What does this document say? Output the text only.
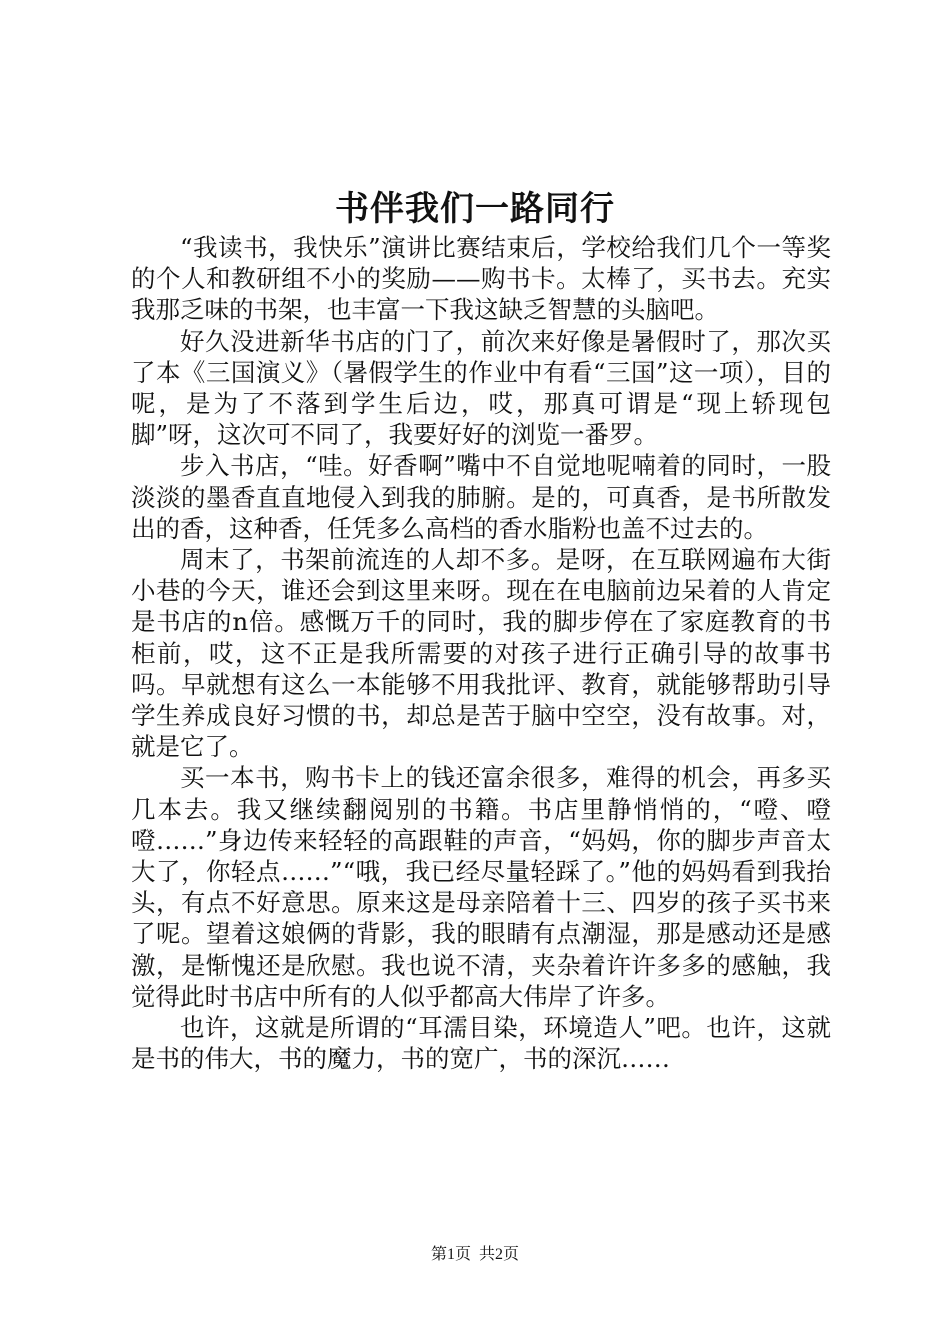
书伴我们一路同行

“我读书，我快乐”演讲比赛结束后，学校给我们几个一等奖的个人和教研组不小的奖励——购书卡。太棒了，买书去。充实我那乏味的书架，也丰富一下我这缺乏智慧的头脑吧。

好久没进新华书店的门了，前次来好像是暑假时了，那次买了本《三国演义》（暑假学生的作业中有看“三国”这一项），目的呢，是为了不落到学生后边，哎，那真可谓是“现上轿现包脚”呀，这次可不同了，我要好好的浏览一番罗。

步入书店，“哇。好香啊”嘴中不自觉地呢喃着的同时，一股淡淡的墨香直直地侵入到我的肺腑。是的，可真香，是书所散发出的香，这种香，任凭多么高档的香水脂粉也盖不过去的。

周末了，书架前流连的人却不多。是呀，在互联网遍布大街小巷的今天，谁还会到这里来呀。现在在电脑前边呆着的人肯定是书店的n倍。感慨万千的同时，我的脚步停在了家庭教育的书柜前，哎，这不正是我所需要的对孩子进行正确引导的故事书吗。早就想有这么一本能够不用我批评、教育，就能够帮助引导学生养成良好习惯的书，却总是苦于脑中空空，没有故事。对，就是它了。

买一本书，购书卡上的钱还富余很多，难得的机会，再多买几本去。我又继续翻阅别的书籍。书店里静悄悄的，“噔、噔噔……”身边传来轻轻的高跟鞋的声音，“妈妈，你的脚步声音太大了，你轻点……”“哦，我已经尽量轻踩了。”他的妈妈看到我抬头，有点不好意思。原来这是母亲陪着十三、四岁的孩子买书来了呢。望着这娘俩的背影，我的眼睛有点潮湿，那是感动还是感激，是惭愧还是欣慰。我也说不清，夹杂着许许多多的感触，我觉得此时书店中所有的人似乎都高大伟岸了许多。

也许，这就是所谓的“耳濡目染，环境造人”吧。也许，这就是书的伟大，书的魔力，书的宽广，书的深沉……

第1页 共2页
